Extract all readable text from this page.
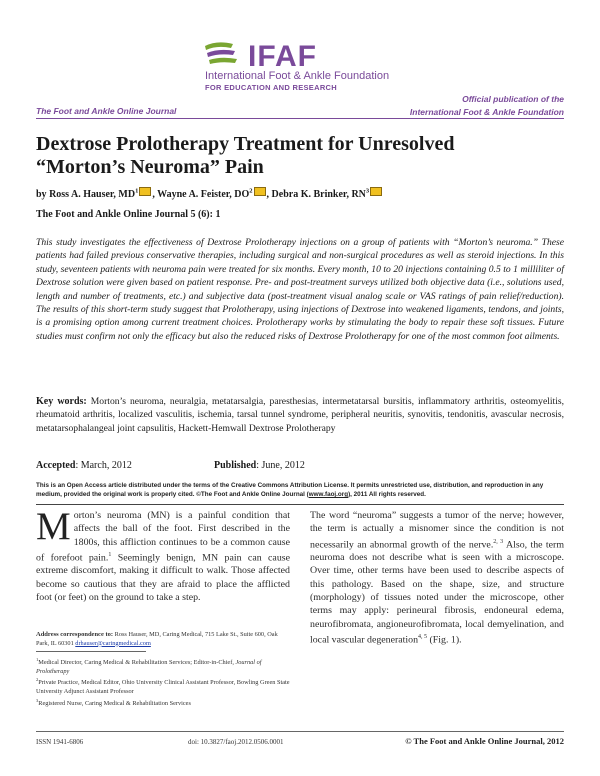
IFAF
International Foot & Ankle Foundation
FOR EDUCATION AND RESEARCH
The Foot and Ankle Online Journal
Official publication of the
International Foot & Ankle Foundation
Dextrose Prolotherapy Treatment for Unresolved
“Morton’s Neuroma” Pain
by Ross A. Hauser, $MD^1$ , Wayne A. Feister, $DO^2$ , Debra K. Brinker, $RN^3$
The Foot and Ankle Online Journal 5 (6): 1
This study investigates the effectiveness of Dextrose Prolotherapy injections on a group of patients with “Morton’s neuroma.” These patients had failed previous conservative therapies, including surgical and non-surgical procedures as well as steroid injections. In this study, seventeen patients with neuroma pain were treated for six months. Every month, 10 to 20 injections containing 0.5 to 1 milliliter of Dextrose solution were given based on patient response. Pre- and post-treatment surveys utilized both objective data (i.e., solutions used, length and number of treatments, etc.) and subjective data (post-treatment visual analog scale or VAS ratings of pain relief/reduction). The results of this short-term study suggest that Prolotherapy, using injections of Dextrose into weakened ligaments, tendons, and joints, is a promising option among current treatment choices. Prolotherapy works by stimulating the body to repair these soft tissues. Future studies must confirm not only the efficacy but also the reduced risks of Dextrose Prolotherapy for one of the most common foot ailments.
Key words: Morton’s neuroma, neuralgia, metatarsalgia, paresthesias, intermetatarsal bursitis, inflammatory arthritis, osteomyelitis, rheumatoid arthritis, localized vasculitis, ischemia, tarsal tunnel syndrome, peripheral neuritis, synovitis, tendonitis, avascular necrosis, metatarsophalangeal joint capsulitis, Hackett-Hemwall Dextrose Prolotherapy
Accepted: March, 2012	Published: June, 2012
This is an Open Access article distributed under the terms of the Creative Commons Attribution License. It permits unrestricted use, distribution, and reproduction in any medium, provided the original work is properly cited. ©The Foot and Ankle Online Journal (www.faoj.org), 2011 All rights reserved.
Morton’s neuroma (MN) is a painful condition that affects the ball of the foot. First described in the 1800s, this affliction continues to be a common cause of forefoot pain.$^1$ Seemingly benign, MN pain can cause extreme discomfort, making it difficult to walk. Those affected become so cautious that they are afraid to place the afflicted foot (or feet) on the ground to take a step.
The word “neuroma” suggests a tumor of the nerve; however, the term is actually a misnomer since the condition is not necessarily an abnormal growth of the nerve.$^{2, 3}$ Also, the term neuroma does not describe what is seen with a microscope. Over time, other terms have been used to describe aspects of this pathology. Based on the shape, size, and structure (morphology) of tissues noted under the microscope, other terms may apply: perineural fibrosis, endoneural edema, neurofibromata, angioneurofibromata, local demyelination, and local vascular degeneration$^{4, 5}$ (Fig. 1).
Address correspondence to: Ross Hauser, MD, Caring Medical, 715 Lake St., Suite 600, Oak Park, IL 60301 drhauser@caringmedical.com
$^1$Medical Director, Caring Medical & Rehabilitation Services; Editor-in-Chief, Journal of Prolotherapy
$^2$Private Practice, Medical Editor, Ohio University Clinical Assistant Professor, Bowling Green State University Adjunct Assistant Professor
$^3$Registered Nurse, Caring Medical & Rehabilitation Services
ISSN 1941-6806	doi: 10.3827/faoj.2012.0506.0001	© The Foot and Ankle Online Journal, 2012
